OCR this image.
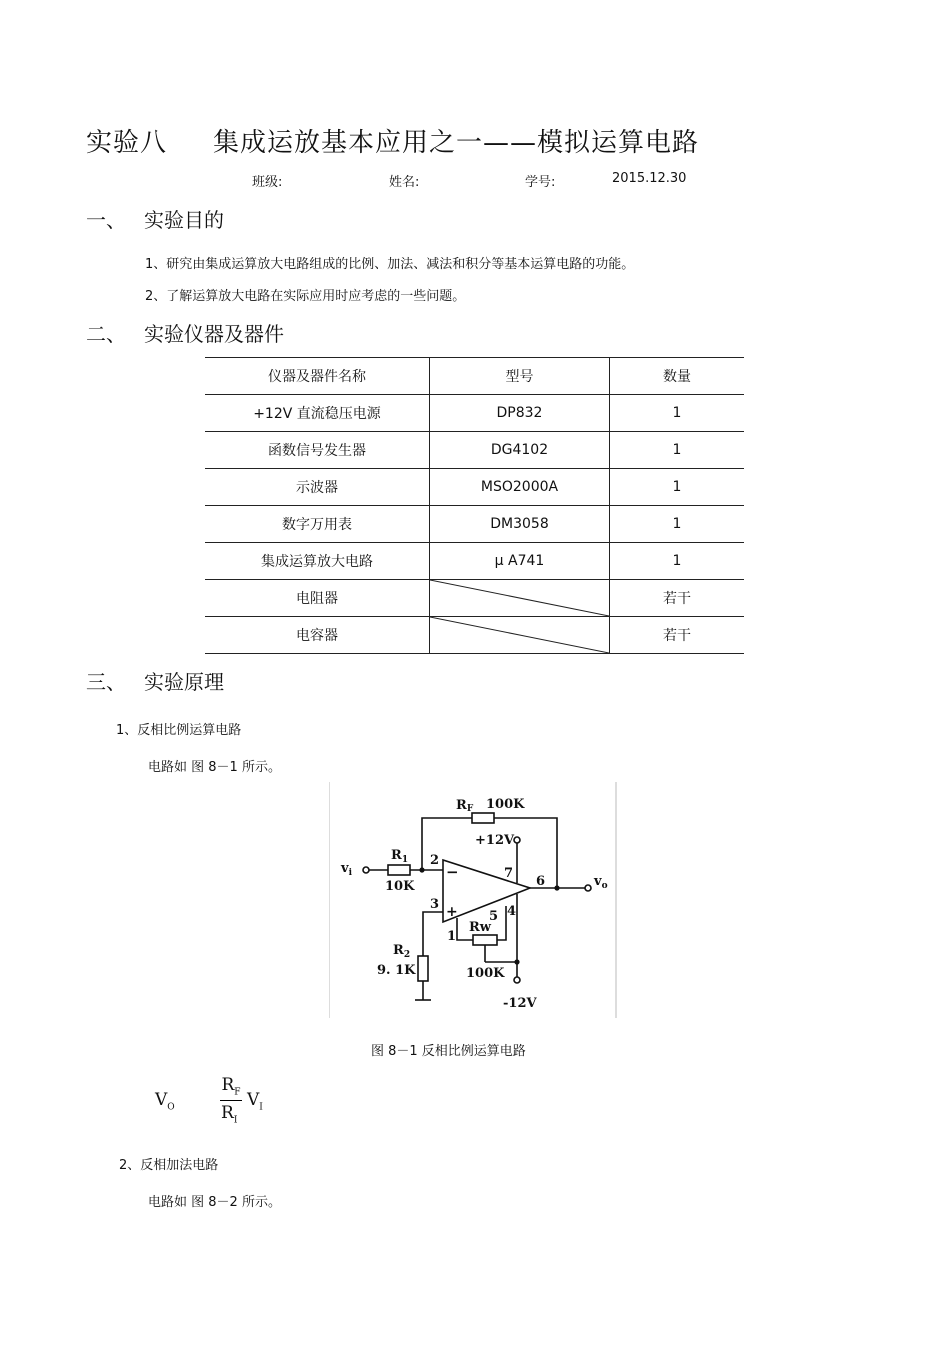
实验八 集成运放基本应用之一——模拟运算电路
班级:	姓名:	学号:	2015.12.30
一、 实验目的
1、研究由集成运算放大电路组成的比例、加法、减法和积分等基本运算电路的功能。
2、了解运算放大电路在实际应用时应考虑的一些问题。
二、 实验仪器及器件
仪器及器件名称	型号	数量
+12V 直流稳压电源	DP832	1
函数信号发生器	DG4102	1
示波器	MSO2000A	1
数字万用表	DM3058	1
集成运算放大电路	μ A741	1
电阻器		若干
电容器		若干
三、 实验原理
1、反相比例运算电路
电路如 图 8－1 所示。
RF 100K
+12V
$v_i$
$R_1$
10K
2
3
7
6
5 4
1
−
+
$v_o$
$R_2$
9. 1K
Rw
100K
-12V
图 8－1 反相比例运算电路
$V_O$
$R_F$
$R_I$
$V_I$
2、反相加法电路
电路如 图 8－2 所示。
